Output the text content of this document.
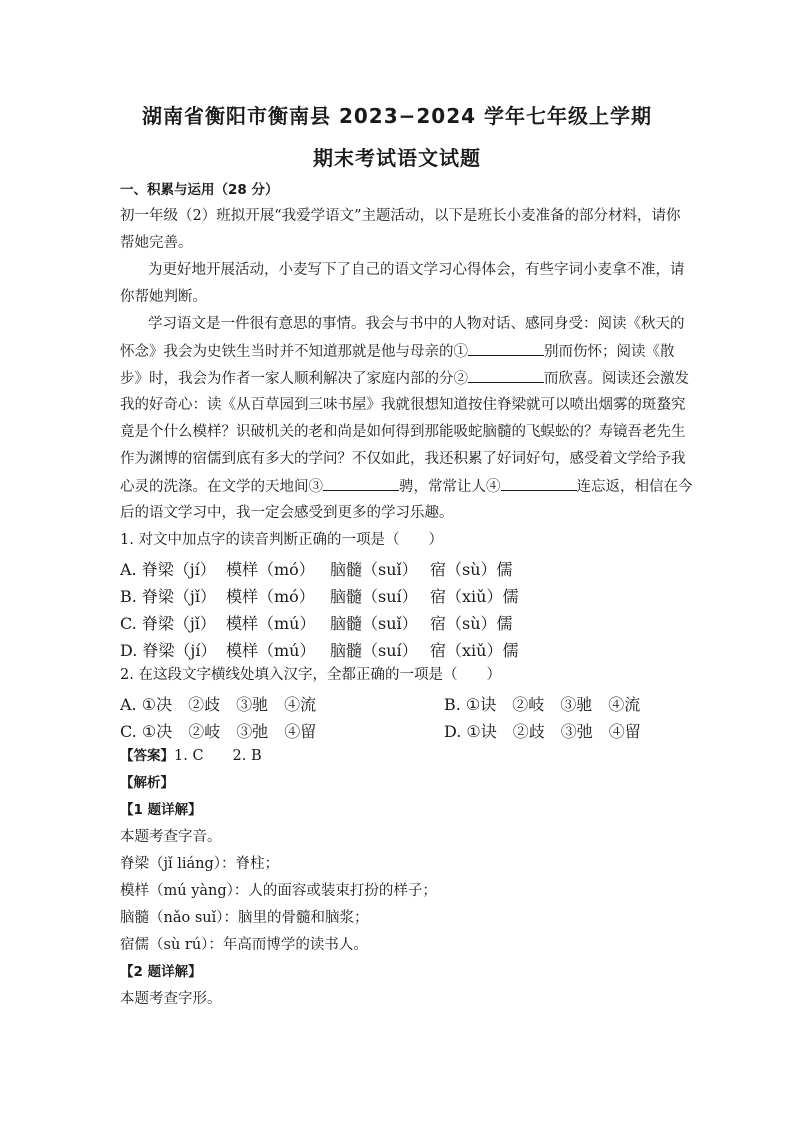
湖南省衡阳市衡南县 2023−2024 学年七年级上学期
期末考试语文试题
一、积累与运用（28 分）
初一年级（2）班拟开展“我爱学语文”主题活动，以下是班长小麦准备的部分材料，请你
帮她完善。
为更好地开展活动，小麦写下了自己的语文学习心得体会，有些字词小麦拿不准，请
你帮她判断。
学习语文是一件很有意思的事情。我会与书中的人物对话、感同身受：阅读《秋天的
怀念》我会为史铁生当时并不知道那就是他与母亲的①	别而伤怀；阅读《散
步》时，我会为作者一家人顺利解决了家庭内部的分②	而欣喜。阅读还会激发
我的好奇心：读《从百草园到三味书屋》我就很想知道按住脊梁就可以喷出烟雾的斑蝥究
竟是个什么模样？识破机关的老和尚是如何得到那能吸蛇脑髓的飞蜈蚣的？寿镜吾老先生
作为渊博的宿儒到底有多大的学问？不仅如此，我还积累了好词好句，感受着文学给予我
心灵的洗涤。在文学的天地间③	骋，常常让人④	连忘返，相信在今
后的语文学习中，我一定会感受到更多的学习乐趣。
1. 对文中加点字的读音判断正确的一项是（　　）
A. 脊梁（jí） 模样（mó） 脑髓（suǐ） 宿（sù）儒
B. 脊梁（jǐ） 模样（mó） 脑髓（suí） 宿（xiǔ）儒
C. 脊梁（jǐ） 模样（mú） 脑髓（suǐ） 宿（sù）儒
D. 脊梁（jí） 模样（mú） 脑髓（suí） 宿（xiǔ）儒
2. 在这段文字横线处填入汉字，全都正确的一项是（　　）
A. ①决　②歧　③驰　④流	B. ①诀　②岐　③驰　④流
C. ①决　②岐　③弛　④留	D. ①诀　②歧　③弛　④留
【答案】1. C　　2. B
【解析】
【1 题详解】
本题考查字音。
脊梁（jǐ liáng）：脊柱；
模样（mú yàng）：人的面容或装束打扮的样子；
脑髓（nǎo suǐ）：脑里的骨髓和脑浆；
宿儒（sù rú）：年高而博学的读书人。
【2 题详解】
本题考查字形。
